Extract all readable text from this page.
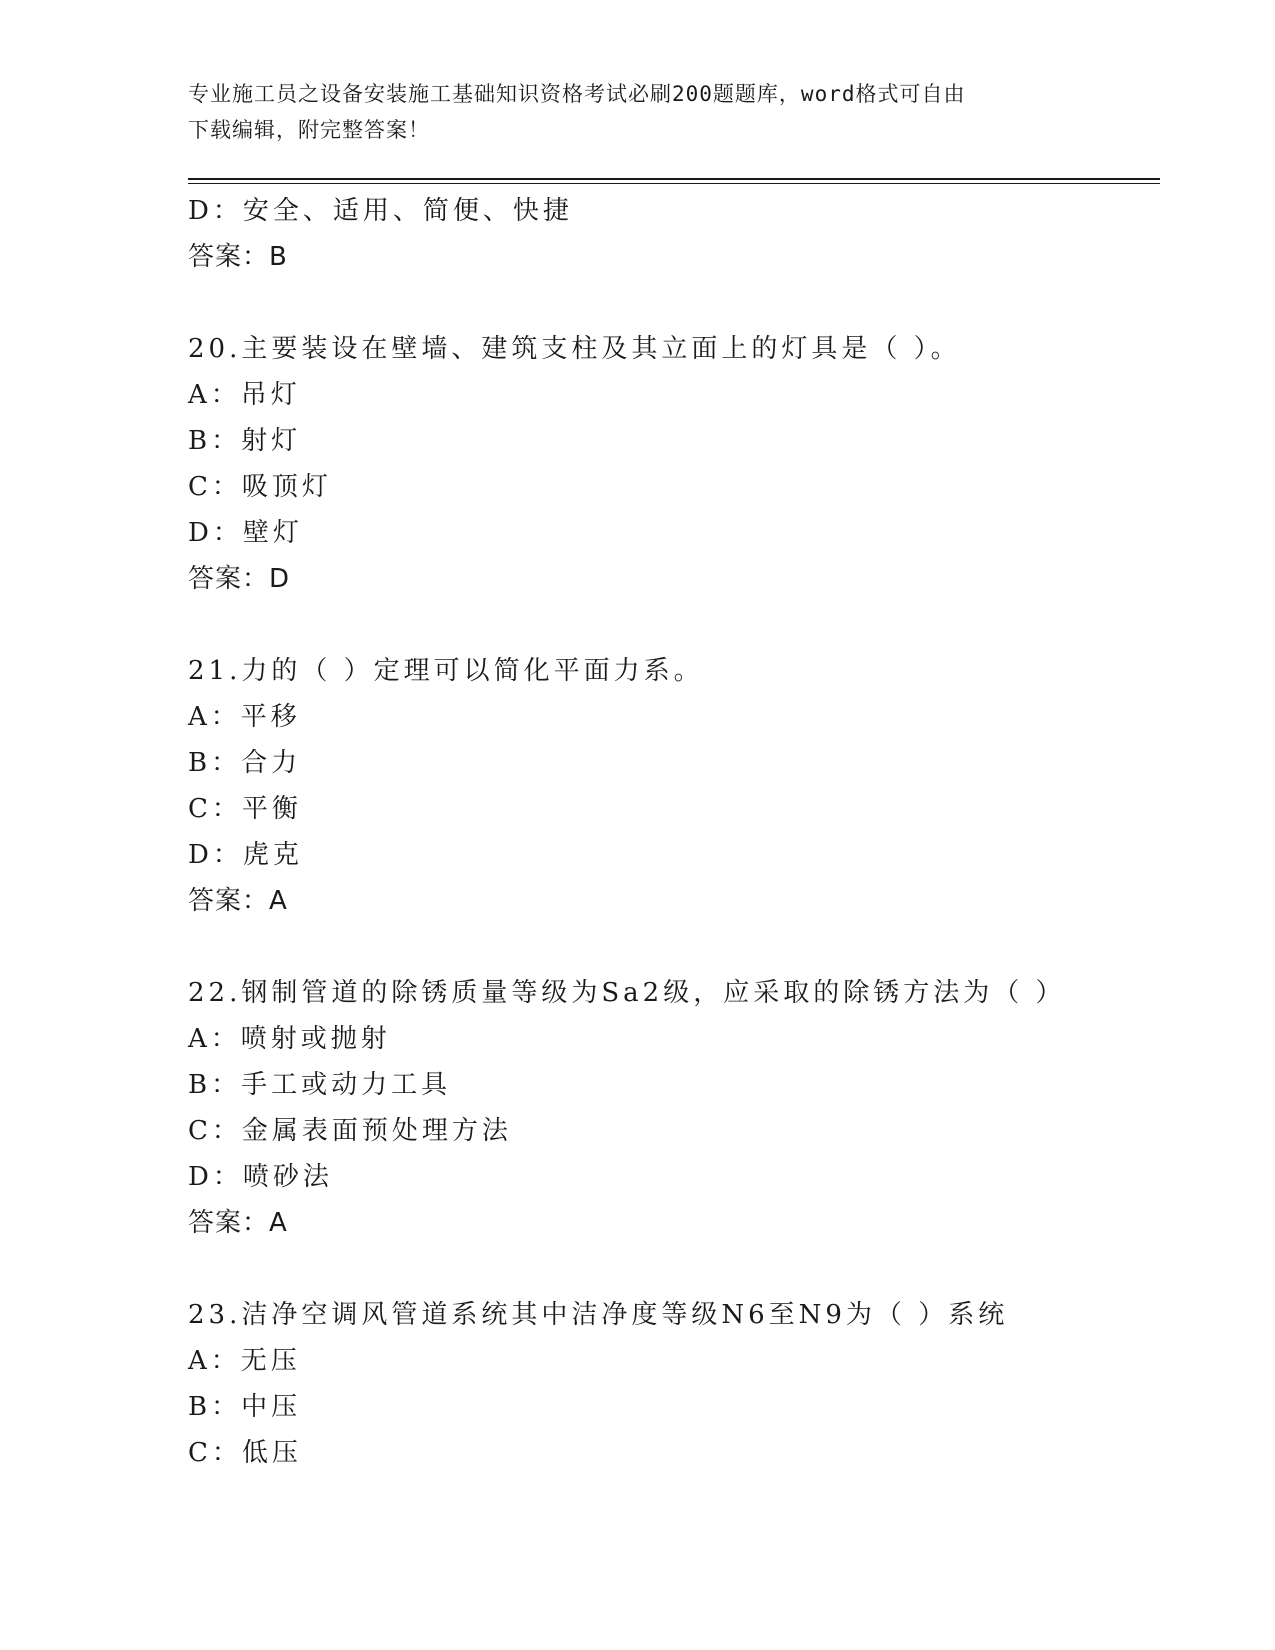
专业施工员之设备安装施工基础知识资格考试必刷200题题库，word格式可自由
下载编辑，附完整答案！
D：安全、适用、简便、快捷
答案：B
20.主要装设在壁墙、建筑支柱及其立面上的灯具是（ ）。
A：吊灯
B：射灯
C：吸顶灯
D：壁灯
答案：D
21.力的（ ）定理可以简化平面力系。
A：平移
B：合力
C：平衡
D：虎克
答案：A
22.钢制管道的除锈质量等级为Sa2级，应采取的除锈方法为（ ）
A：喷射或抛射
B：手工或动力工具
C：金属表面预处理方法
D：喷砂法
答案：A
23.洁净空调风管道系统其中洁净度等级N6至N9为（ ）系统
A：无压
B：中压
C：低压
